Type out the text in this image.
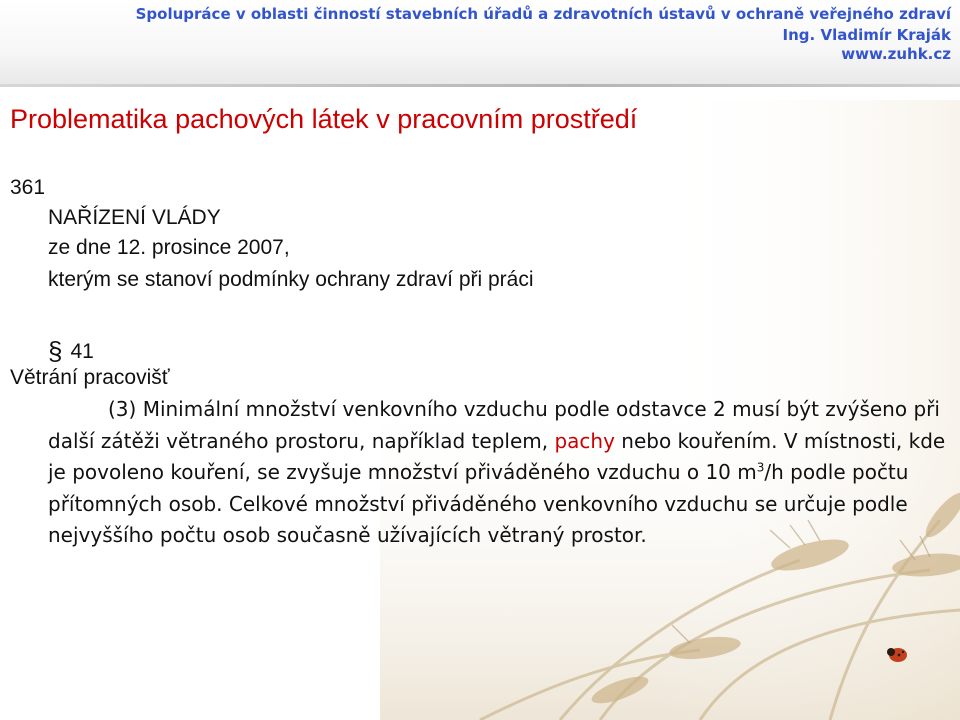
Spolupráce v oblasti činností stavebních úřadů a zdravotních ústavů v ochraně veřejného zdraví

Ing. Vladimír Kraják

www.zuhk.cz

Problematika pachových látek v pracovním prostředí

361

NAŘÍZENÍ VLÁDY

ze dne 12. prosince 2007,

kterým se stanoví podmínky ochrany zdraví při práci

§ 41

Větrání pracovišť

(3) Minimální množství venkovního vzduchu podle odstavce 2 musí být zvýšeno při další zátěži větraného prostoru, například teplem, pachy nebo kouřením. V místnosti, kde je povoleno kouření, se zvyšuje množství přiváděného vzduchu o 10 $m^3/h$ podle počtu přítomných osob. Celkové množství přiváděného venkovního vzduchu se určuje podle nejvyššího počtu osob současně užívajících větraný prostor.
